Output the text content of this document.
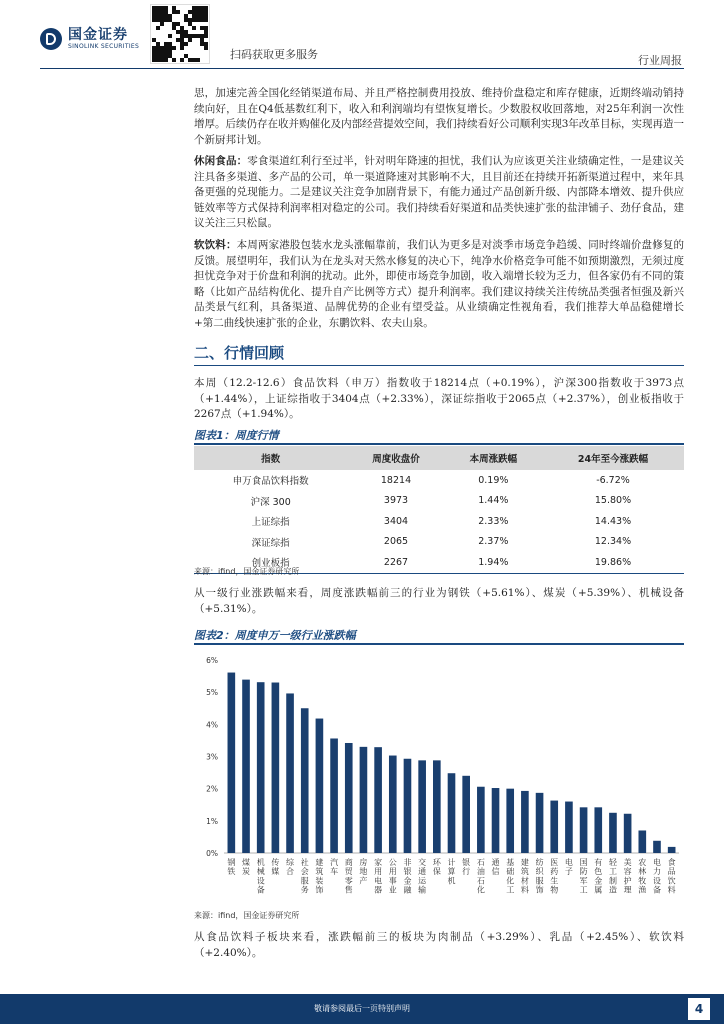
国金证券
SINOLINK SECURITIES
扫码获取更多服务	行业周报

思，加速完善全国化经销渠道布局、并且严格控制费用投放、维持价盘稳定和库存健康，近期终端动销持续向好，且在Q4低基数红利下，收入和利润端均有望恢复增长。少数股权收回落地，对25年利润一次性增厚。后续仍存在收并购催化及内部经营提效空间，我们持续看好公司顺利实现3年改革目标，实现再造一个新厨邦计划。

休闲食品：零食渠道红利行至过半，针对明年降速的担忧，我们认为应该更关注业绩确定性，一是建议关注具备多渠道、多产品的公司，单一渠道降速对其影响不大，且目前还在持续开拓新渠道过程中，来年具备更强的兑现能力。二是建议关注竞争加剧背景下，有能力通过产品创新升级、内部降本增效、提升供应链效率等方式保持利润率相对稳定的公司。我们持续看好渠道和品类快速扩张的盐津铺子、劲仔食品，建议关注三只松鼠。

软饮料：本周两家港股包装水龙头涨幅靠前，我们认为更多是对淡季市场竞争趋缓、同时终端价盘修复的反馈。展望明年，我们认为在龙头对天然水修复的决心下，纯净水价格竞争可能不如预期激烈，无须过度担忧竞争对于价盘和利润的扰动。此外，即使市场竞争加剧，收入端增长较为乏力，但各家仍有不同的策略（比如产品结构优化、提升自产比例等方式）提升利润率。我们建议持续关注传统品类强者恒强及新兴品类景气红利，具备渠道、品牌优势的企业有望受益。从业绩确定性视角看，我们推荐大单品稳健增长+第二曲线快速扩张的企业，东鹏饮料、农夫山泉。

二、行情回顾

本周（12.2-12.6）食品饮料（申万）指数收于18214点（+0.19%），沪深300指数收于3973点（+1.44%），上证综指收于3404点（+2.33%），深证综指收于2065点（+2.37%），创业板指收于2267点（+1.94%）。

图表1：周度行情
指数	周度收盘价	本周涨跌幅	24年至今涨跌幅
申万食品饮料指数	18214	0.19%	-6.72%
沪深 300	3973	1.44%	15.80%
上证综指	3404	2.33%	14.43%
深证综指	2065	2.37%	12.34%
创业板指	2267	1.94%	19.86%
来源：ifind，国金证券研究所

从一级行业涨跌幅来看，周度涨跌幅前三的行业为钢铁（+5.61%）、煤炭（+5.39%）、机械设备（+5.31%）。

图表2：周度申万一级行业涨跌幅
0%
1%
2%
3%
4%
5%
6%
钢铁
煤炭
机械设备
传媒
综合
社会服务
建筑装饰
汽车
商贸零售
房地产
家用电器
公用事业
非银金融
交通运输
环保
计算机
银行
石油石化
通信
基础化工
建筑材料
纺织服饰
医药生物
电子
国防军工
有色金属
轻工制造
美容护理
农林牧渔
电力设备
食品饮料
来源：ifind，国金证券研究所

从食品饮料子板块来看，涨跌幅前三的板块为肉制品（+3.29%）、乳品（+2.45%）、软饮料（+2.40%）。

敬请参阅最后一页特别声明	4
